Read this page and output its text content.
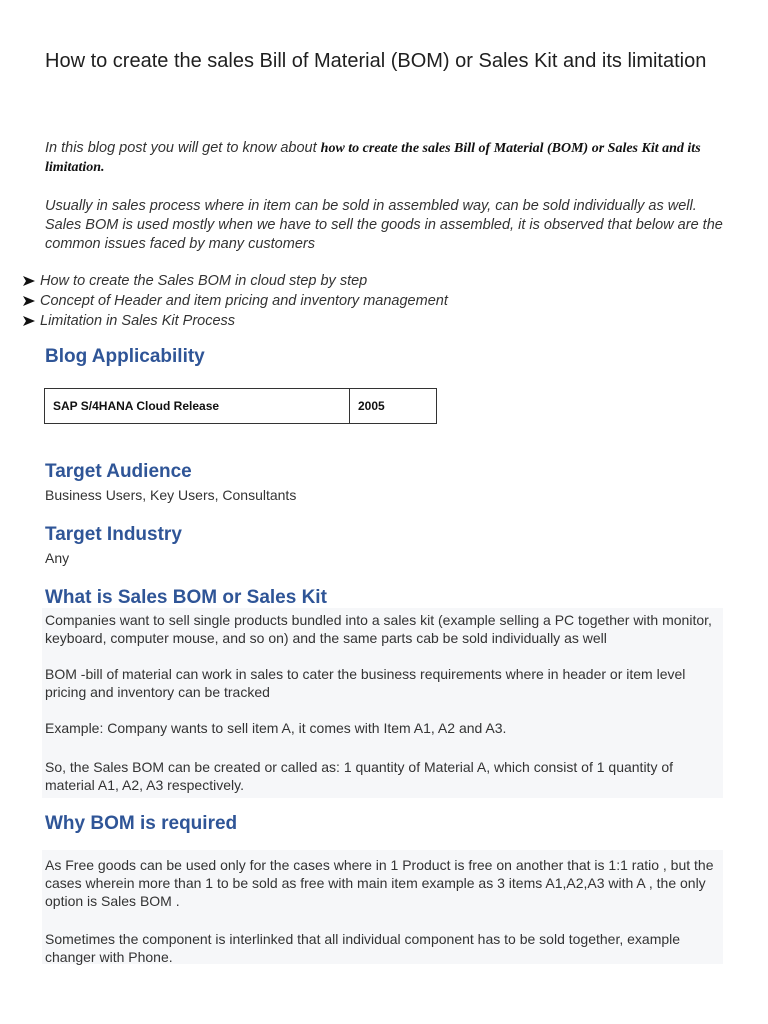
How to create the sales Bill of Material (BOM) or Sales Kit and its limitation

In this blog post you will get to know about how to create the sales Bill of Material (BOM) or Sales Kit and its limitation.

Usually in sales process where in item can be sold in assembled way, can be sold individually as well. Sales BOM is used mostly when we have to sell the goods in assembled, it is observed that below are the common issues faced by many customers

How to create the Sales BOM in cloud step by step
Concept of Header and item pricing and inventory management
Limitation in Sales Kit Process
Blog Applicability
SAP S/4HANA Cloud Release	2005
Target Audience

Business Users, Key Users, Consultants

Target Industry

Any

What is Sales BOM or Sales Kit

Companies want to sell single products bundled into a sales kit (example selling a PC together with monitor, keyboard, computer mouse, and so on) and the same parts cab be sold individually as well

BOM -bill of material can work in sales to cater the business requirements where in header or item level pricing and inventory can be tracked

Example: Company wants to sell item A, it comes with Item A1, A2 and A3.

So, the Sales BOM can be created or called as: 1 quantity of Material A, which consist of 1 quantity of material A1, A2, A3 respectively.

Why BOM is required

As Free goods can be used only for the cases where in 1 Product is free on another that is 1:1 ratio , but the cases wherein more than 1 to be sold as free with main item example as 3 items A1,A2,A3 with A , the only option is Sales BOM .

Sometimes the component is interlinked that all individual component has to be sold together, example changer with Phone.
